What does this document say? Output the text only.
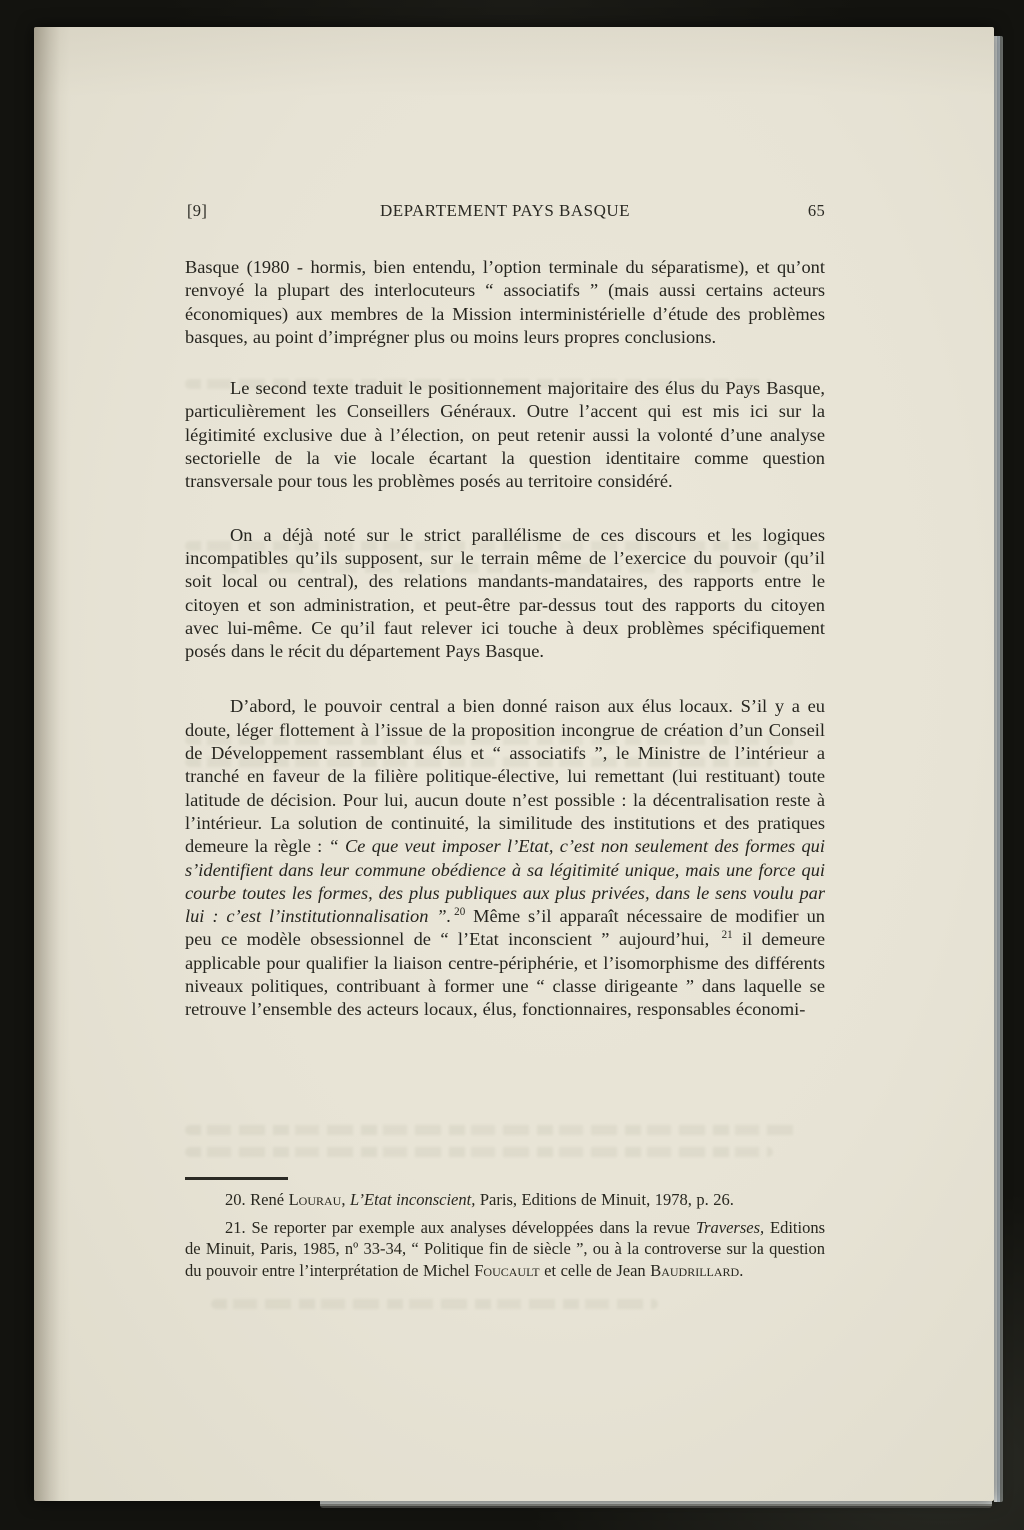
[9]	DEPARTEMENT PAYS BASQUE	65

Basque (1980 - hormis, bien entendu, l’option terminale du séparatisme), et qu’ont renvoyé la plupart des interlocuteurs “ associatifs ” (mais aussi certains acteurs économiques) aux membres de la Mission interministérielle d’étude des problèmes basques, au point d’imprégner plus ou moins leurs propres conclusions.

Le second texte traduit le positionnement majoritaire des élus du Pays Basque, particulièrement les Conseillers Généraux. Outre l’accent qui est mis ici sur la légitimité exclusive due à l’élection, on peut retenir aussi la volonté d’une analyse sectorielle de la vie locale écartant la question identitaire comme question transversale pour tous les problèmes posés au territoire considéré.

On a déjà noté sur le strict parallélisme de ces discours et les logiques incompatibles qu’ils supposent, sur le terrain même de l’exercice du pouvoir (qu’il soit local ou central), des relations mandants-mandataires, des rapports entre le citoyen et son administration, et peut-être par-dessus tout des rapports du citoyen avec lui-même. Ce qu’il faut relever ici touche à deux problèmes spécifiquement posés dans le récit du département Pays Basque.

D’abord, le pouvoir central a bien donné raison aux élus locaux. S’il y a eu doute, léger flottement à l’issue de la proposition incongrue de création d’un Conseil de Développement rassemblant élus et “ associatifs ”, le Ministre de l’intérieur a tranché en faveur de la filière politique-élective, lui remettant (lui restituant) toute latitude de décision. Pour lui, aucun doute n’est possible : la décentralisation reste à l’intérieur. La solution de continuité, la similitude des institutions et des pratiques demeure la règle : “ Ce que veut imposer l’Etat, c’est non seulement des formes qui s’identifient dans leur commune obédience à sa légitimité unique, mais une force qui courbe toutes les formes, des plus publiques aux plus privées, dans le sens voulu par lui : c’est l’institutionnalisation ”. $^{20}$ Même s’il apparaît nécessaire de modifier un peu ce modèle obsessionnel de “ l’Etat inconscient ” aujourd’hui, $^{21}$ il demeure applicable pour qualifier la liaison centre-périphérie, et l’isomorphisme des différents niveaux politiques, contribuant à former une “ classe dirigeante ” dans laquelle se retrouve l’ensemble des acteurs locaux, élus, fonctionnaires, responsables économi-

20. René Lourau, L’Etat inconscient, Paris, Editions de Minuit, 1978, p. 26.

21. Se reporter par exemple aux analyses développées dans la revue Traverses, Editions de Minuit, Paris, 1985, nº 33-34, “ Politique fin de siècle ”, ou à la controverse sur la question du pouvoir entre l’interprétation de Michel Foucault et celle de Jean Baudrillard.
